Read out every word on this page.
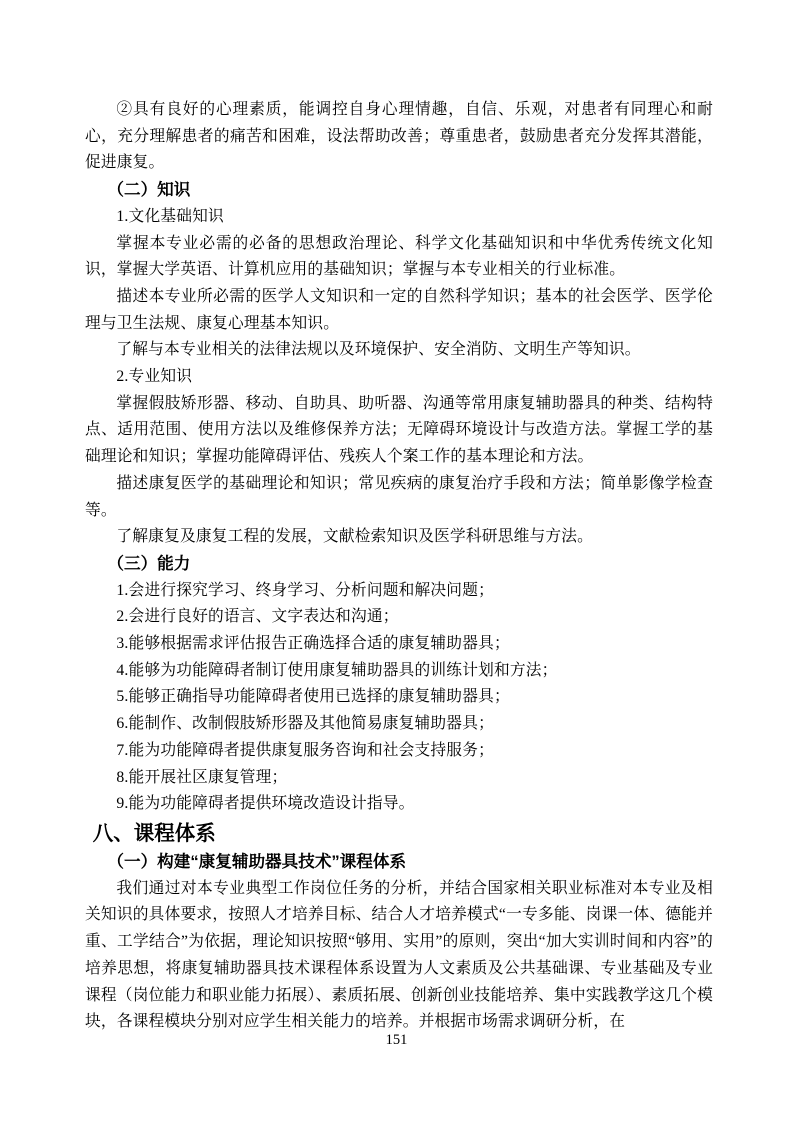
②具有良好的心理素质，能调控自身心理情趣，自信、乐观，对患者有同理心和耐心，充分理解患者的痛苦和困难，设法帮助改善；尊重患者，鼓励患者充分发挥其潜能，促进康复。

（二）知识

1.文化基础知识

掌握本专业必需的必备的思想政治理论、科学文化基础知识和中华优秀传统文化知识，掌握大学英语、计算机应用的基础知识；掌握与本专业相关的行业标准。

描述本专业所必需的医学人文知识和一定的自然科学知识；基本的社会医学、医学伦理与卫生法规、康复心理基本知识。

了解与本专业相关的法律法规以及环境保护、安全消防、文明生产等知识。

2.专业知识

掌握假肢矫形器、移动、自助具、助听器、沟通等常用康复辅助器具的种类、结构特点、适用范围、使用方法以及维修保养方法；无障碍环境设计与改造方法。掌握工学的基础理论和知识；掌握功能障碍评估、残疾人个案工作的基本理论和方法。

描述康复医学的基础理论和知识；常见疾病的康复治疗手段和方法；简单影像学检查等。

了解康复及康复工程的发展，文献检索知识及医学科研思维与方法。

（三）能力

1.会进行探究学习、终身学习、分析问题和解决问题；

2.会进行良好的语言、文字表达和沟通；

3.能够根据需求评估报告正确选择合适的康复辅助器具；

4.能够为功能障碍者制订使用康复辅助器具的训练计划和方法；

5.能够正确指导功能障碍者使用已选择的康复辅助器具；

6.能制作、改制假肢矫形器及其他简易康复辅助器具；

7.能为功能障碍者提供康复服务咨询和社会支持服务；

8.能开展社区康复管理；

9.能为功能障碍者提供环境改造设计指导。

八、课程体系
（一）构建“康复辅助器具技术”课程体系

我们通过对本专业典型工作岗位任务的分析，并结合国家相关职业标准对本专业及相关知识的具体要求，按照人才培养目标、结合人才培养模式“一专多能、岗课一体、德能并重、工学结合”为依据，理论知识按照“够用、实用”的原则，突出“加大实训时间和内容”的培养思想，将康复辅助器具技术课程体系设置为人文素质及公共基础课、专业基础及专业课程（岗位能力和职业能力拓展）、素质拓展、创新创业技能培养、集中实践教学这几个模块，各课程模块分别对应学生相关能力的培养。并根据市场需求调研分析，在

151
